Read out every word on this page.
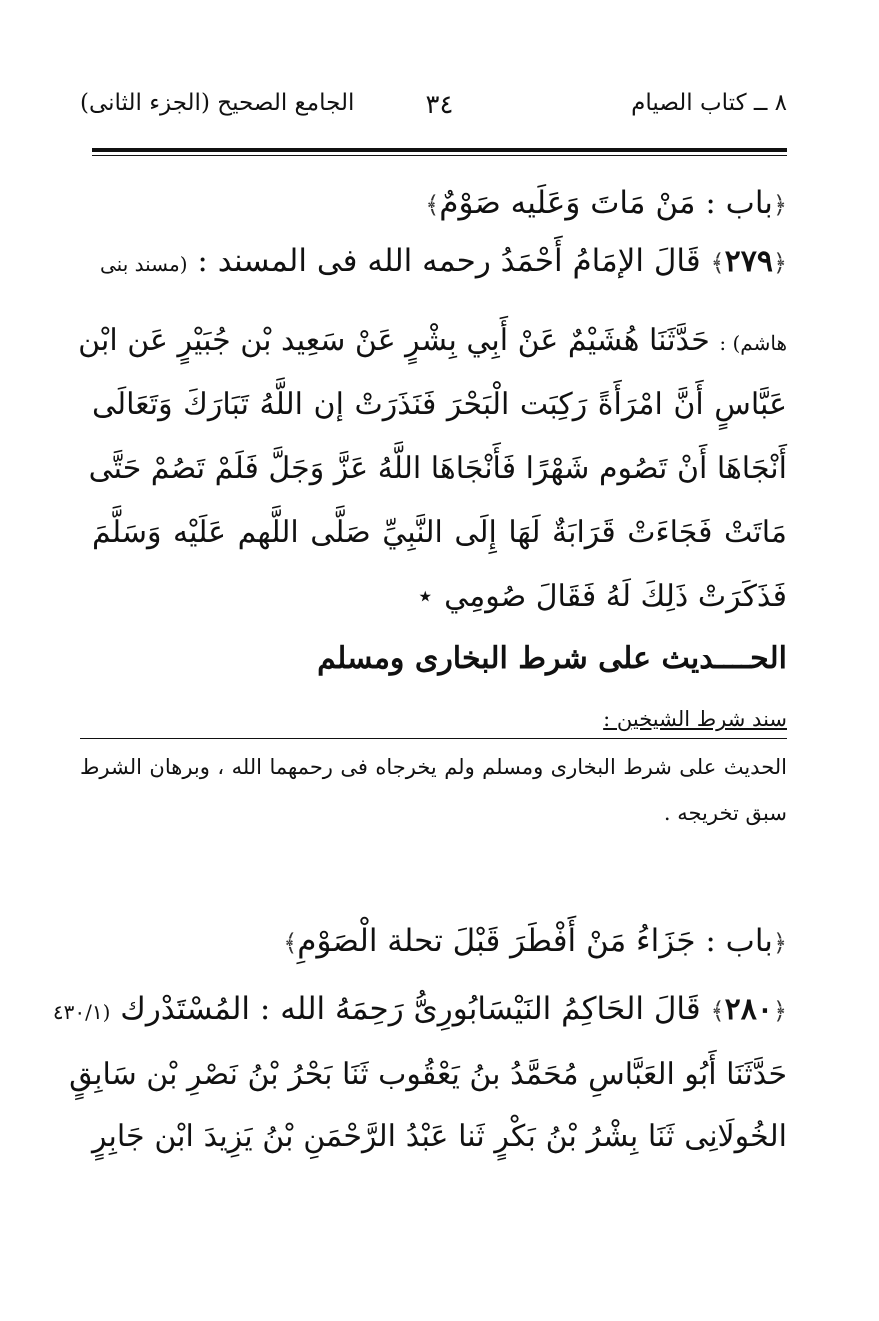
٨ ــ كتاب الصيام
٣٤
الجامع الصحيح (الجزء الثانى)
﴿باب : مَنْ مَاتَ وَعَلَيه صَوْمٌ﴾
﴿٢٧٩﴾ قَالَ الإمَامُ أَحْمَدُ رحمه الله فى المسند : (مسند بنى
هاشم) : حَدَّثَنَا هُشَيْمٌ عَنْ أَبِي بِشْرٍ عَنْ سَعِيد بْن جُبَيْرٍ عَن ابْن
عَبَّاسٍ أَنَّ امْرَأَةً رَكِبَت الْبَحْرَ فَنَذَرَتْ إن اللَّهُ تَبَارَكَ وَتَعَالَى
أَنْجَاهَا أَنْ تَصُوم شَهْرًا فَأَنْجَاهَا اللَّهُ عَزَّ وَجَلَّ فَلَمْ تَصُمْ حَتَّى
مَاتَتْ فَجَاءَتْ قَرَابَةٌ لَهَا إِلَى النَّبِيِّ صَلَّى اللَّهم عَلَيْه وَسَلَّمَ
فَذَكَرَتْ ذَلِكَ لَهُ فَقَالَ صُومِي ⋆
الحــــديث على شرط البخارى ومسلم
سند شرط الشيخين :
الحديث على شرط البخارى ومسلم ولم يخرجاه فى رحمهما الله ، وبرهان الشرط
سبق تخريجه .
﴿باب : جَزَاءُ مَنْ أَفْطَرَ قَبْلَ تحلة الْصَوْمِ﴾
﴿٢٨٠﴾ قَالَ الحَاكِمُ النَيْسَابُورِىُّ رَحِمَهُ الله : المُسْتَدْرك (٤٣٠/١
حَدَّثَنَا أَبُو العَبَّاسِ مُحَمَّدُ بنُ يَعْقُوب ثَنَا بَحْرُ بْنُ نَصْرِ بْن سَابِقٍ
الخُولَانِى ثَنَا بِشْرُ بْنُ بَكْرٍ ثَنا عَبْدُ الرَّحْمَنِ بْنُ يَزِيدَ ابْن جَابِرٍ
